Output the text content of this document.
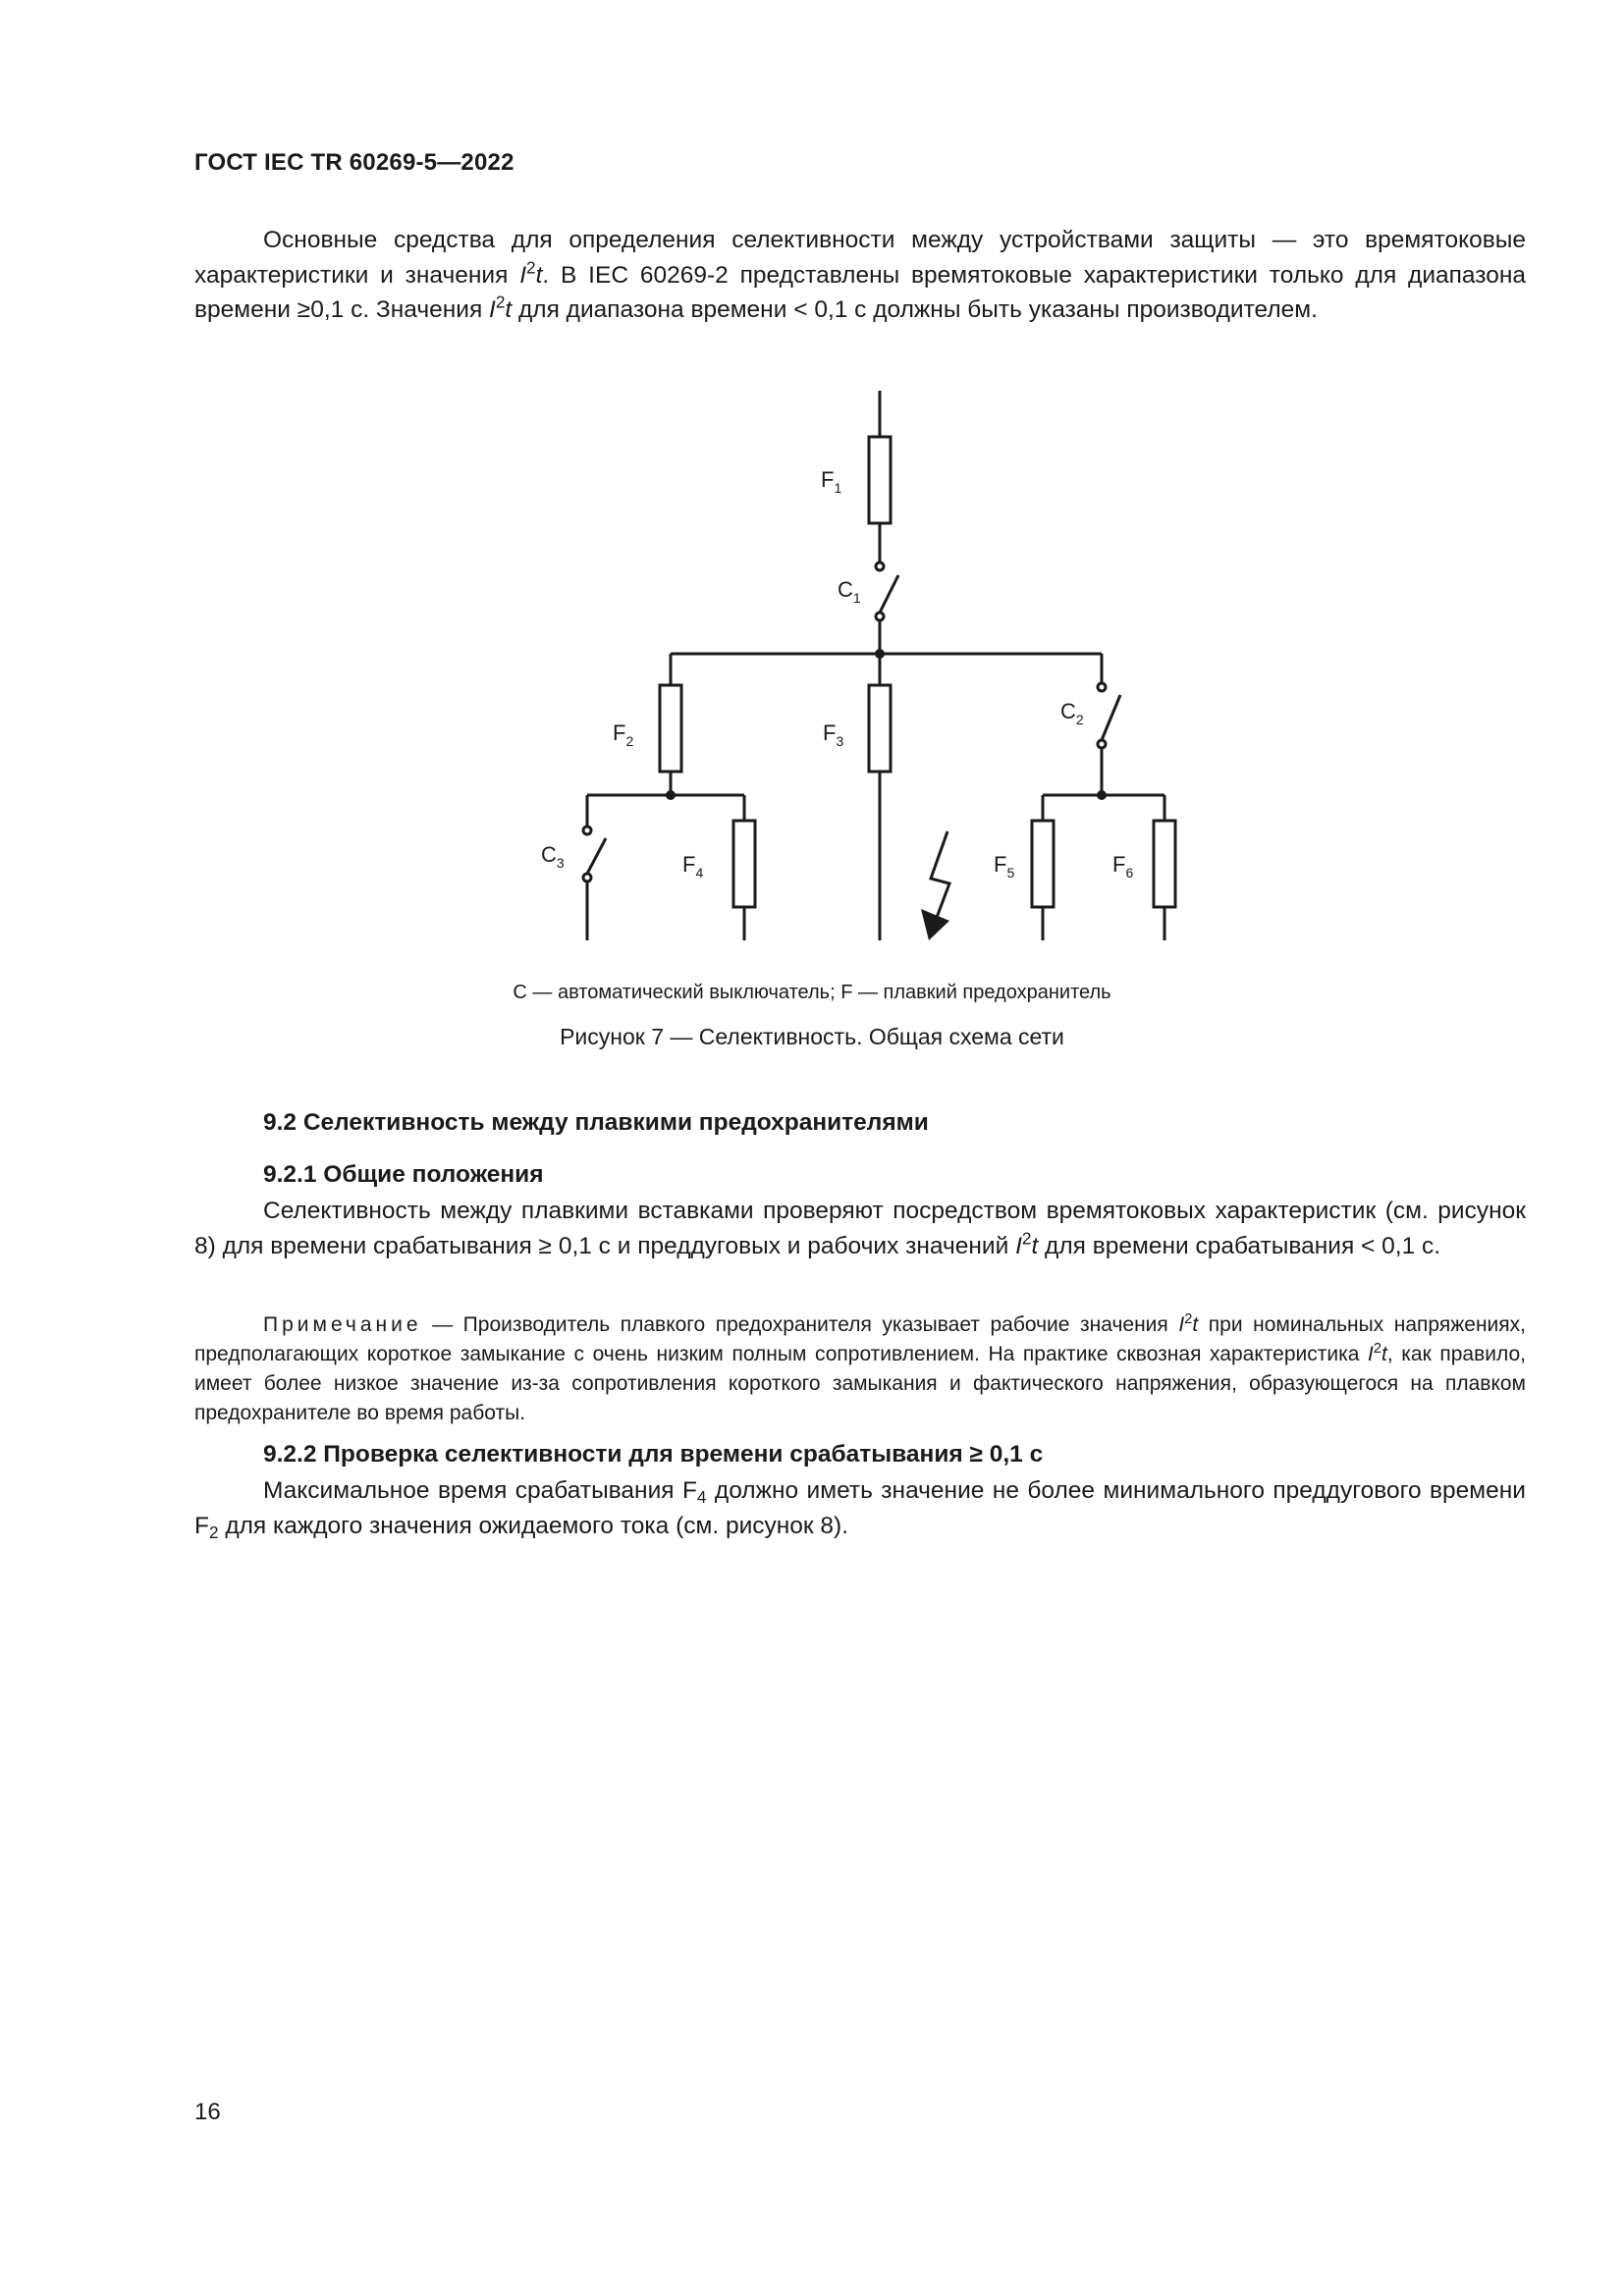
ГОСТ IEC TR 60269-5—2022
Основные средства для определения селективности между устройствами защиты — это времятоковые характеристики и значения $I^2t$. В IEC 60269-2 представлены времятоковые характеристики только для диапазона времени ≥0,1 с. Значения $I^2t$ для диапазона времени < 0,1 с должны быть указаны производителем.
$F_1$
$C_1$
$F_2$	$F_3$
$C_2$
$C_3$	$F_4$	$F_5$	$F_6$
С — автоматический выключатель; F — плавкий предохранитель
Рисунок 7 — Селективность. Общая схема сети
9.2 Селективность между плавкими предохранителями
9.2.1 Общие положения
Селективность между плавкими вставками проверяют посредством времятоковых характеристик (см. рисунок 8) для времени срабатывания ≥ 0,1 с и преддуговых и рабочих значений $I^2t$ для времени срабатывания < 0,1 с.
Примечание — Производитель плавкого предохранителя указывает рабочие значения $I^2t$ при номинальных напряжениях, предполагающих короткое замыкание с очень низким полным сопротивлением. На практике сквозная характеристика $I^2t$, как правило, имеет более низкое значение из-за сопротивления короткого замыкания и фактического напряжения, образующегося на плавком предохранителе во время работы.
9.2.2 Проверка селективности для времени срабатывания ≥ 0,1 с
Максимальное время срабатывания $F_4$ должно иметь значение не более минимального преддугового времени $F_2$ для каждого значения ожидаемого тока (см. рисунок 8).
16
